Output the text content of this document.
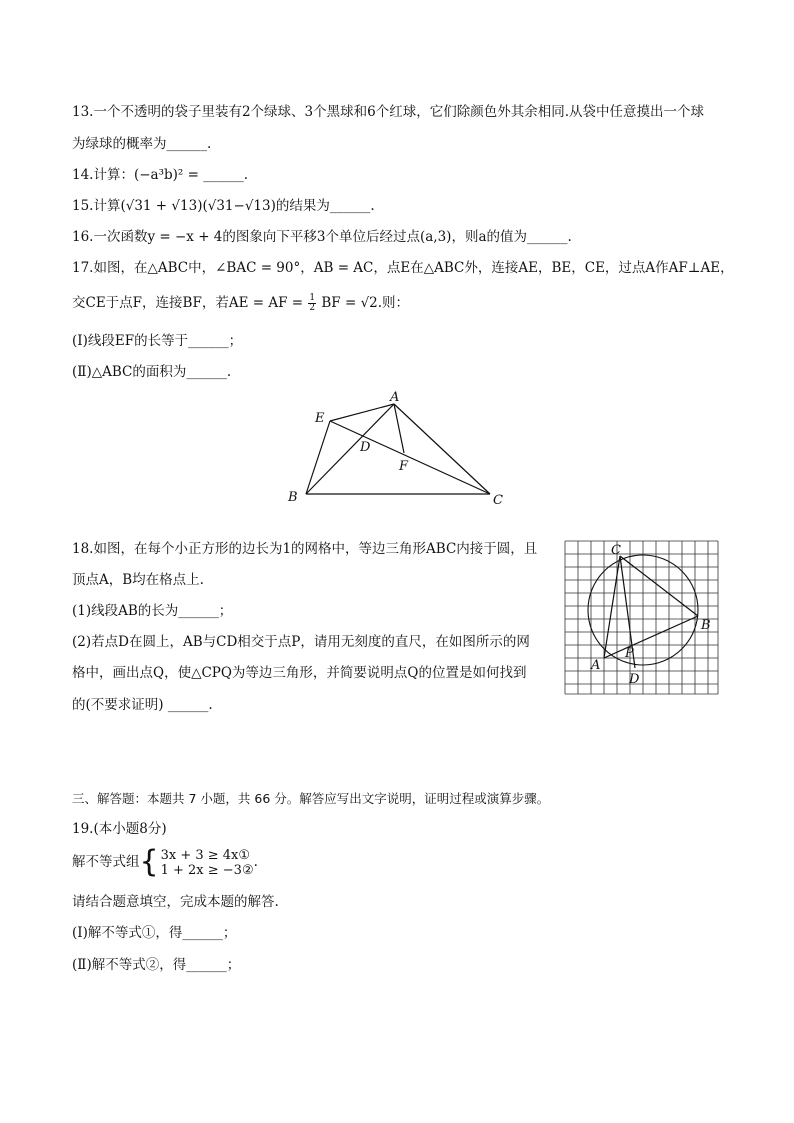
13.一个不透明的袋子里装有2个绿球、3个黑球和6个红球，它们除颜色外其余相同.从袋中任意摸出一个球
为绿球的概率为______.
14.计算：(−a³b)² = ______.
15.计算(√31 + √13)(√31−√13)的结果为______.
16.一次函数y = −x + 4的图象向下平移3个单位后经过点(a,3)，则a的值为______.
17.如图，在△ABC中，∠BAC = 90°，AB = AC，点E在△ABC外，连接AE，BE，CE，过点A作AF⊥AE，
交CE于点F，连接BF，若AE = AF = $\frac{1}{2}$ BF = √2.则：
(Ⅰ)线段EF的长等于______；
(Ⅱ)△ABC的面积为______.
A
B	C
D
E
F
18.如图，在每个小正方形的边长为1的网格中，等边三角形ABC内接于圆，且
顶点A，B均在格点上.
(1)线段AB的长为______；
(2)若点D在圆上，AB与CD相交于点P，请用无刻度的直尺，在如图所示的网
格中，画出点Q，使△CPQ为等边三角形，并简要说明点Q的位置是如何找到
的(不要求证明) ______.
C
B
A
P
D
三、解答题：本题共 7 小题，共 66 分。解答应写出文字说明，证明过程或演算步骤。
19.(本小题8分)
解不等式组{ 3x + 3 ≥ 4x①
1 + 2x ≥ −3② .
请结合题意填空，完成本题的解答.
(Ⅰ)解不等式①，得______；
(Ⅱ)解不等式②，得______；
